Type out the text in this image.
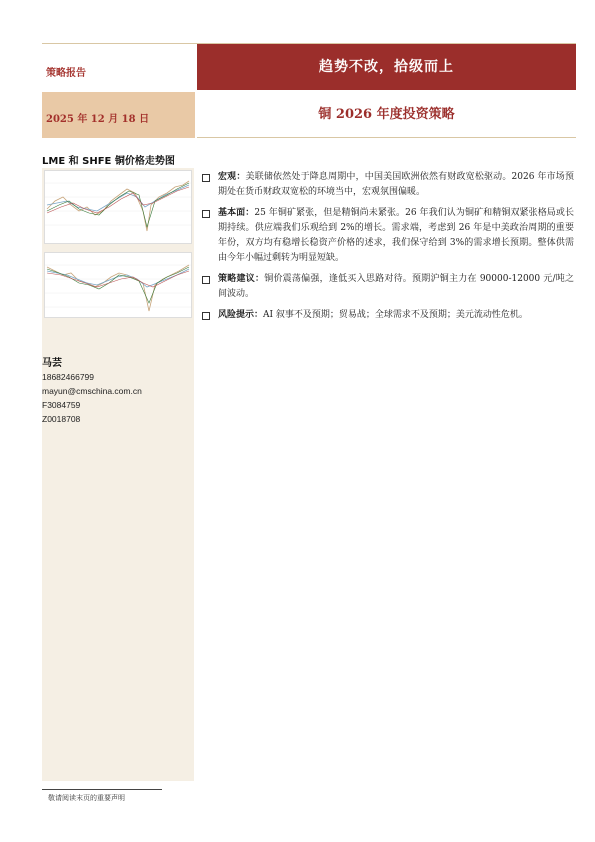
策略报告	趋势不改，拾级而上
2025 年 12 月 18 日	铜 2026 年度投资策略
LME 和 SHFE 铜价格走势图
马芸
18682466799
mayun@cmschina.com.cn
F3084759
Z0018708
宏观：美联储依然处于降息周期中，中国美国欧洲依然有财政宽松驱动。2026 年市场预期处在货币财政双宽松的环境当中，宏观氛围偏暖。
基本面：25 年铜矿紧张，但是精铜尚未紧张。26 年我们认为铜矿和精铜双紧张格局或长期持续。供应端我们乐观给到 2%的增长。需求端，考虑到 26 年是中美政治周期的重要年份，双方均有稳增长稳资产价格的述求，我们保守给到 3%的需求增长预期。整体供需由今年小幅过剩转为明显短缺。
策略建议：铜价震荡偏强，逢低买入思路对待。预期沪铜主力在 90000-12000 元/吨之间波动。
风险提示：AI 叙事不及预期；贸易战；全球需求不及预期；美元流动性危机。
敬请阅读末页的重要声明
